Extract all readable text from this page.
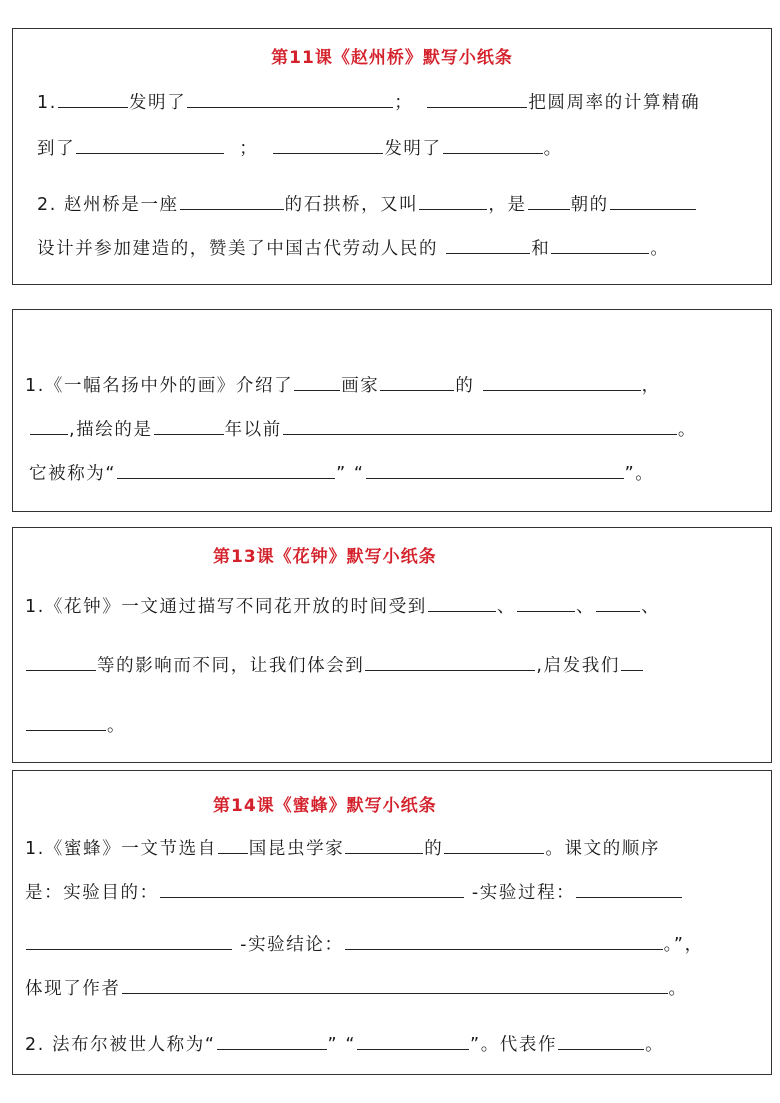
第11课《赵州桥》默写小纸条
1.	发明了	；	把圆周率的计算精确
到了	；	发明了	。
2. 赵州桥是一座	的石拱桥，又叫	，是	朝的
设计并参加建造的，赞美了中国古代劳动人民的	和	。
1.《一幅名扬中外的画》介绍了	画家	的	，
,描绘的是	年以前	。
它被称为“	” “	”。
第13课《花钟》默写小纸条
1.《花钟》一文通过描写不同花开放的时间受到	、	、	、
等的影响而不同，让我们体会到	,启发我们
。
第14课《蜜蜂》默写小纸条
1.《蜜蜂》一文节选自 国昆虫学家	的	。课文的顺序
是：实验目的：	-实验过程：
-实验结论：	。”，
体现了作者	。
2. 法布尔被世人称为“	” “	”。代表作	。
